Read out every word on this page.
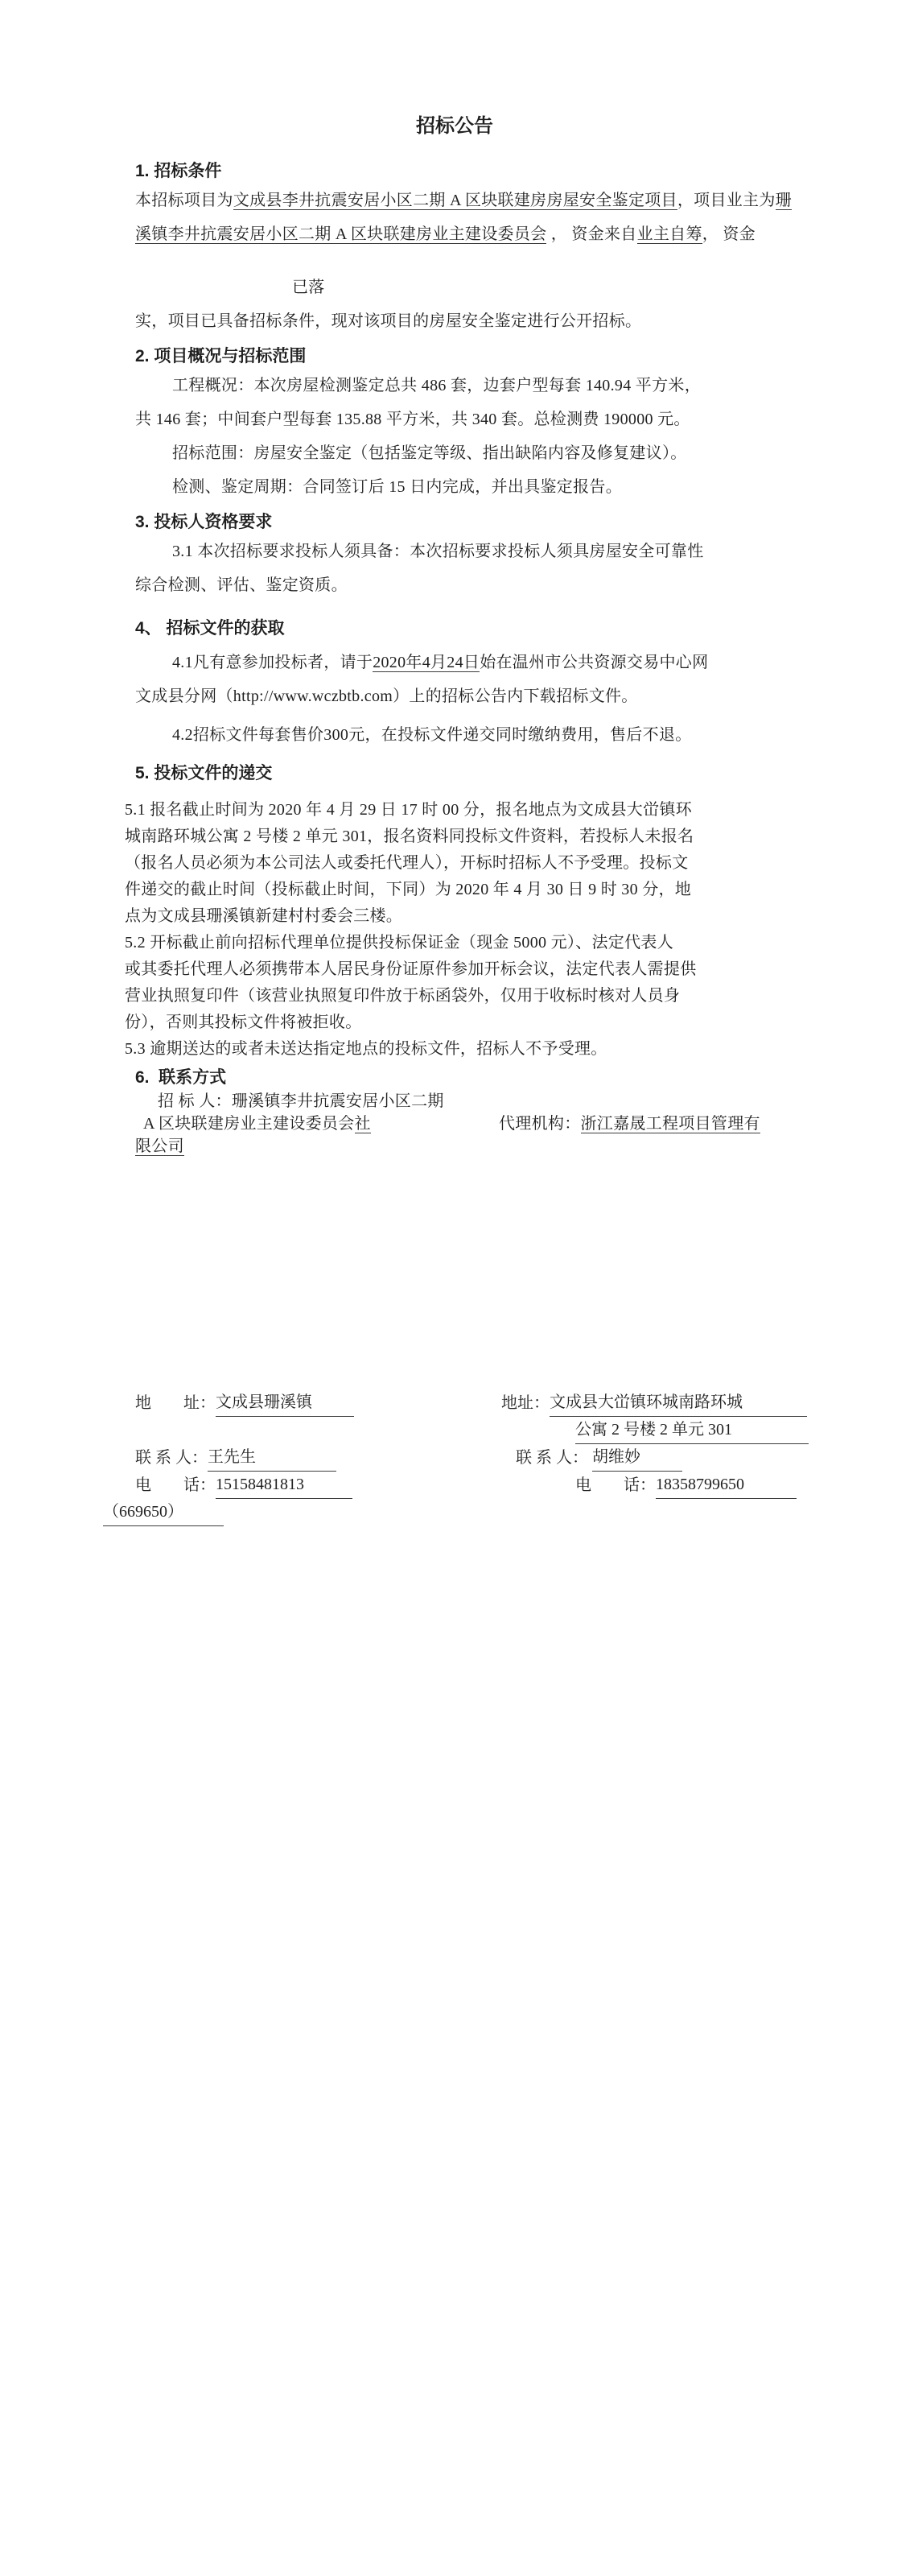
招标公告
1. 招标条件

本招标项目为文成县李井抗震安居小区二期 A 区块联建房房屋安全鉴定项目，项目业主为珊

溪镇李井抗震安居小区二期 A 区块联建房业主建设委员会 ， 资金来自业主自筹， 资金

已落

实，项目已具备招标条件，现对该项目的房屋安全鉴定进行公开招标。

2. 项目概况与招标范围

工程概况：本次房屋检测鉴定总共 486 套，边套户型每套 140.94 平方米，

共 146 套；中间套户型每套 135.88 平方米，共 340 套。总检测费 190000 元。

招标范围：房屋安全鉴定（包括鉴定等级、指出缺陷内容及修复建议）。

检测、鉴定周期：合同签订后 15 日内完成，并出具鉴定报告。

3. 投标人资格要求

3.1 本次招标要求投标人须具备：本次招标要求投标人须具房屋安全可靠性

综合检测、评估、鉴定资质。

4、 招标文件的获取

4.1凡有意参加投标者，请于2020年4月24日始在温州市公共资源交易中心网

文成县分网（http://www.wczbtb.com）上的招标公告内下载招标文件。

4.2招标文件每套售价300元，在投标文件递交同时缴纳费用，售后不退。

5. 投标文件的递交

5.1 报名截止时间为 2020 年 4 月 29 日 17 时 00 分，报名地点为文成县大峃镇环

城南路环城公寓 2 号楼 2 单元 301，报名资料同投标文件资料，若投标人未报名

（报名人员必须为本公司法人或委托代理人），开标时招标人不予受理。投标文

件递交的截止时间（投标截止时间，下同）为 2020 年 4 月 30 日 9 时 30 分，地

点为文成县珊溪镇新建村村委会三楼。

5.2 开标截止前向招标代理单位提供投标保证金（现金 5000 元）、法定代表人

或其委托代理人必须携带本人居民身份证原件参加开标会议，法定代表人需提供

营业执照复印件（该营业执照复印件放于标函袋外，仅用于收标时核对人员身

份），否则其投标文件将被拒收。

5.3 逾期送达的或者未送达指定地点的投标文件，招标人不予受理。

6.  联系方式

招 标 人：珊溪镇李井抗震安居小区二期

A 区块联建房业主建设委员会社	代理机构：浙江嘉晟工程项目管理有

限公司

地　　址：文成县珊溪镇	地址：文成县大峃镇环城南路环城
公寓 2 号楼 2 单元 301
联 系 人：王先生	联 系 人： 胡维妙
电　　话：15158481813	电　　话：18358799650
（669650）
